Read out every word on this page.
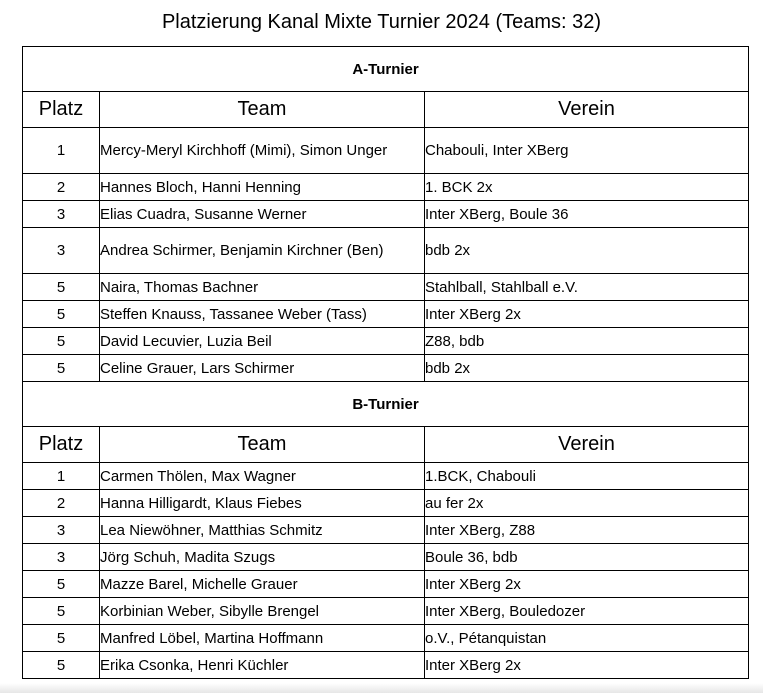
Platzierung Kanal Mixte Turnier 2024 (Teams: 32)
A-Turnier		
Platz	Team	Verein
1	Mercy-Meryl Kirchhoff (Mimi), Simon Unger	Chabouli, Inter XBerg
2	Hannes Bloch, Hanni Henning	1. BCK 2x
3	Elias Cuadra, Susanne Werner	Inter XBerg, Boule 36
3	Andrea Schirmer, Benjamin Kirchner (Ben)	bdb 2x
5	Naira, Thomas Bachner	Stahlball, Stahlball e.V.
5	Steffen Knauss, Tassanee Weber (Tass)	Inter XBerg 2x
5	David Lecuvier, Luzia Beil	Z88, bdb
5	Celine Grauer, Lars Schirmer	bdb 2x
B-Turnier		
Platz	Team	Verein
1	Carmen Thölen, Max Wagner	1.BCK, Chabouli
2	Hanna Hilligardt, Klaus Fiebes	au fer 2x
3	Lea Niewöhner, Matthias Schmitz	Inter XBerg, Z88
3	Jörg Schuh, Madita Szugs	Boule 36, bdb
5	Mazze Barel, Michelle Grauer	Inter XBerg 2x
5	Korbinian Weber, Sibylle Brengel	Inter XBerg, Bouledozer
5	Manfred Löbel, Martina Hoffmann	o.V., Pétanquistan
5	Erika Csonka, Henri Küchler	Inter XBerg 2x
